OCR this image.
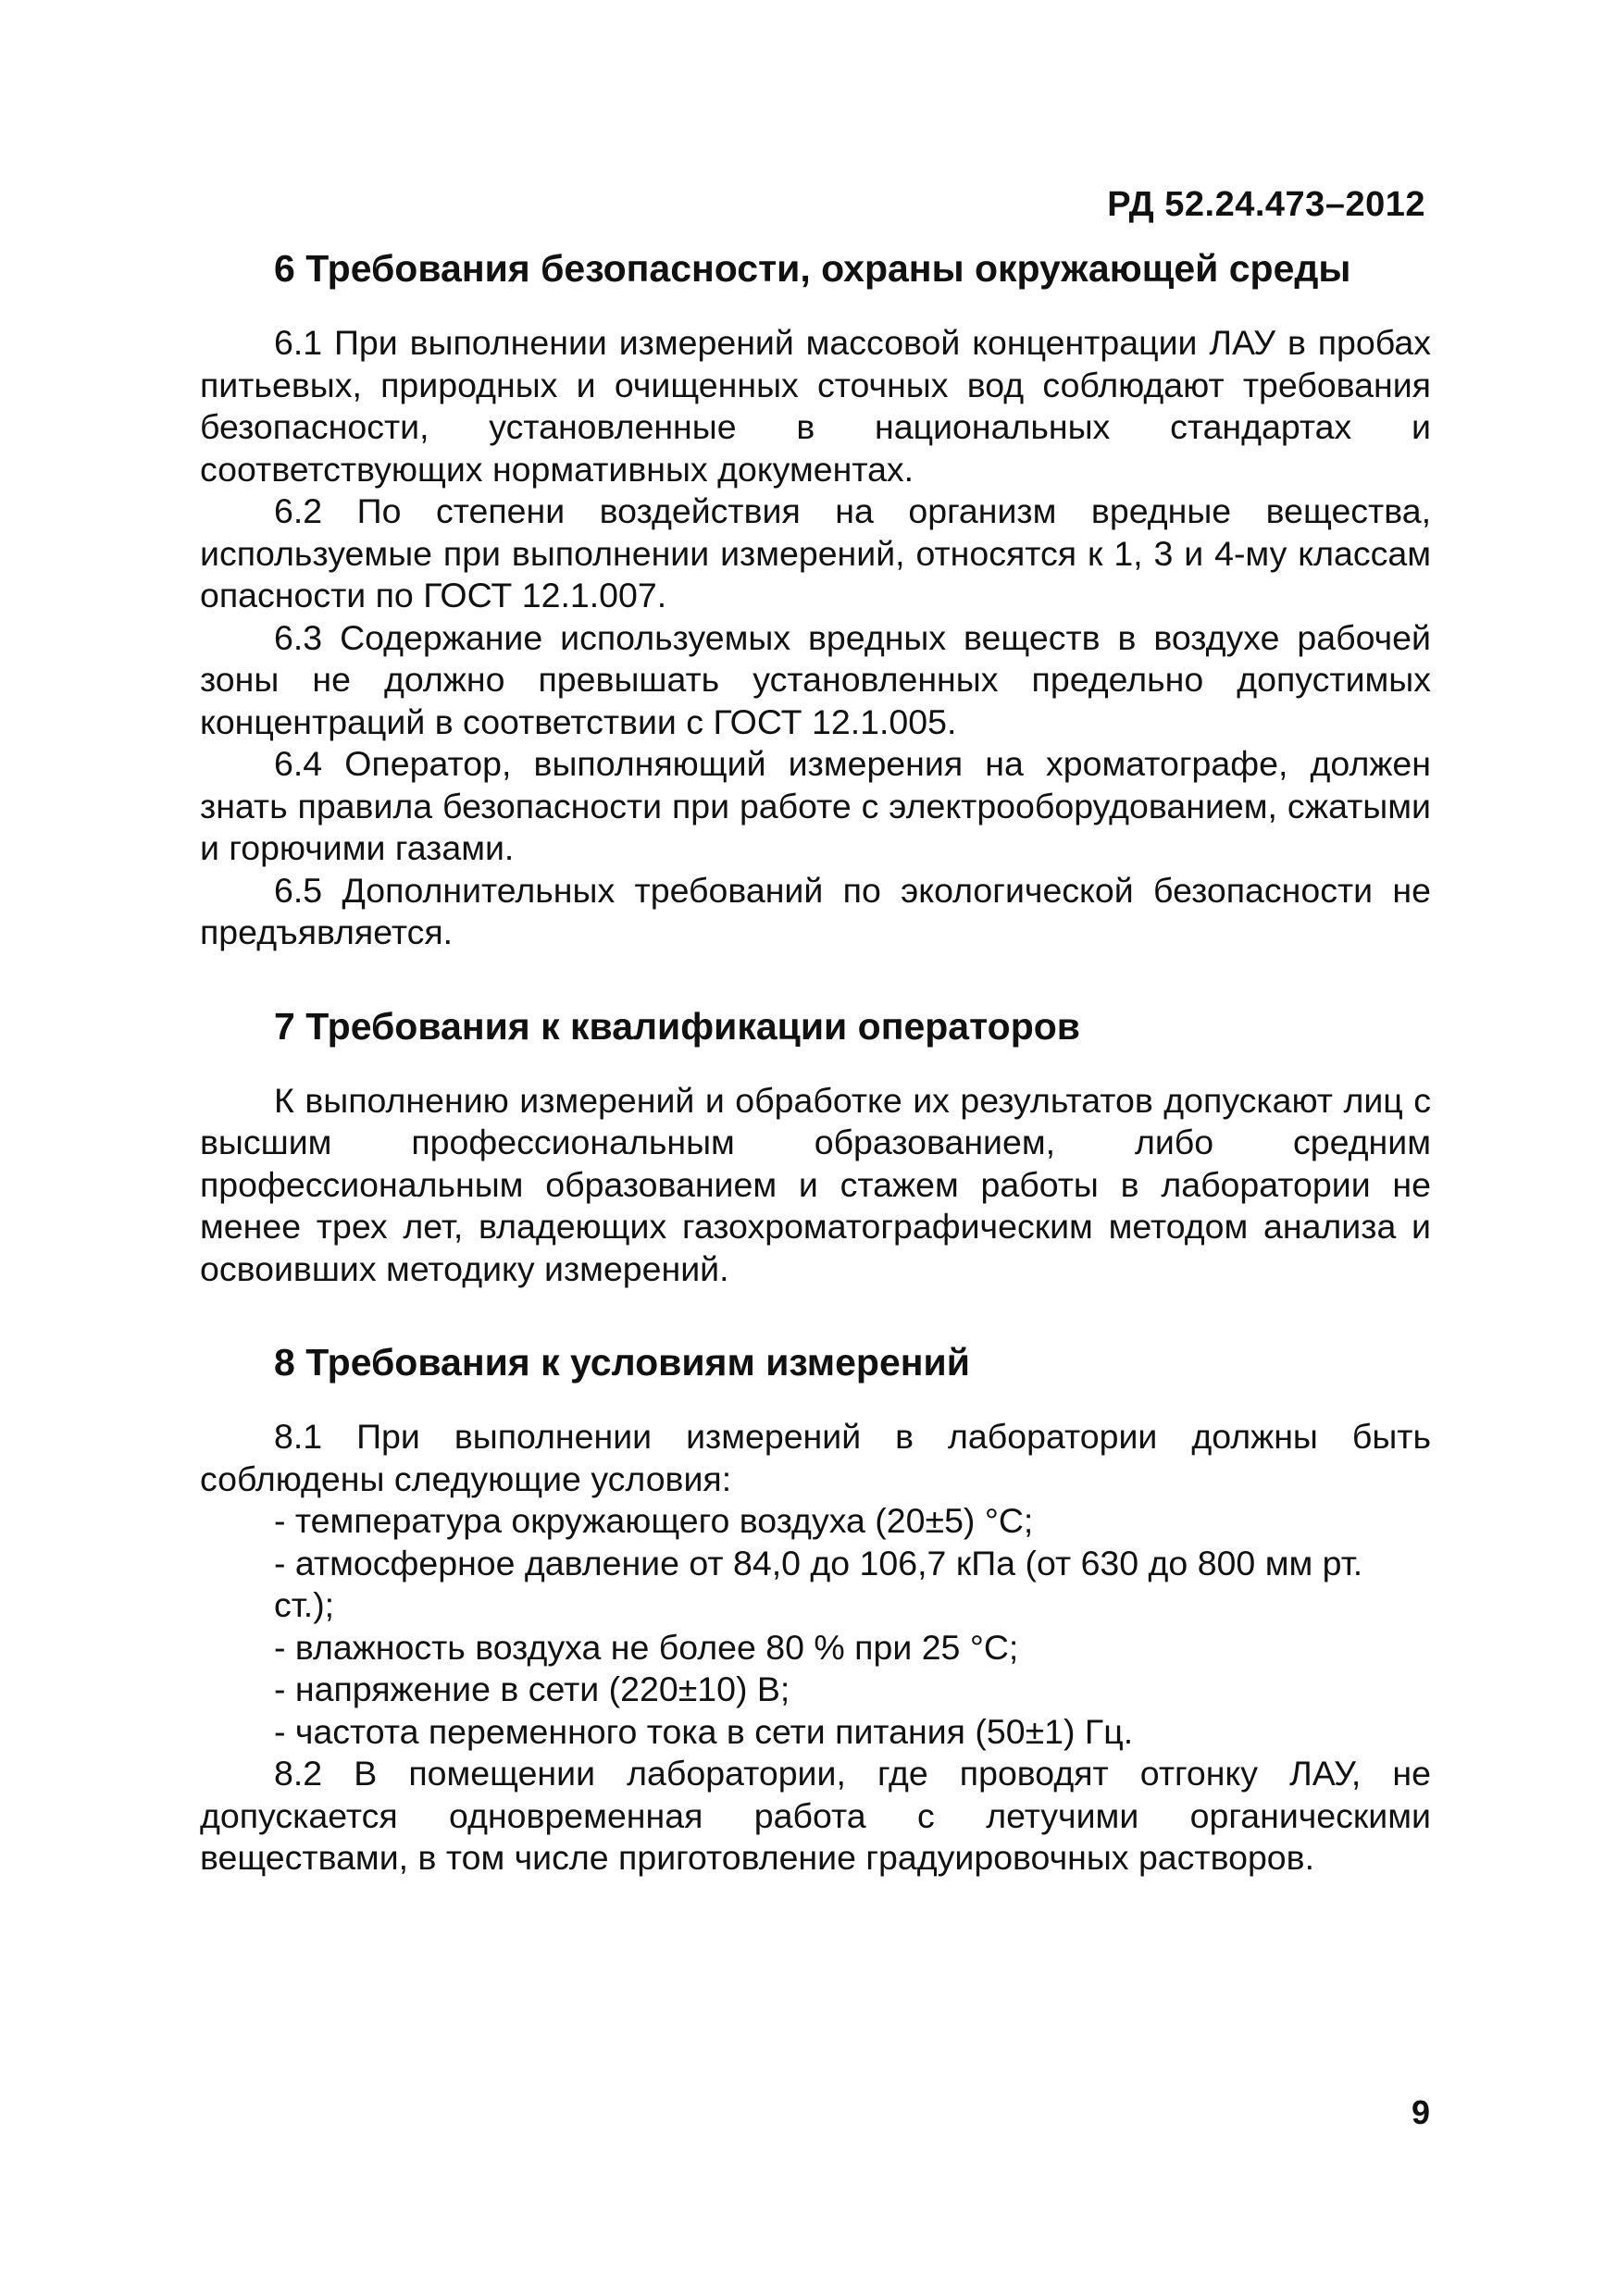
РД 52.24.473–2012
6 Требования безопасности, охраны окружающей среды

6.1 При выполнении измерений массовой концентрации ЛАУ в пробах питьевых, природных и очищенных сточных вод соблюдают требования безопасности, установленные в национальных стандартах и соответствующих нормативных документах.

6.2 По степени воздействия на организм вредные вещества, используемые при выполнении измерений, относятся к 1, 3 и 4-му классам опасности по ГОСТ 12.1.007.

6.3 Содержание используемых вредных веществ в воздухе рабочей зоны не должно превышать установленных предельно допустимых концентраций в соответствии с ГОСТ 12.1.005.

6.4 Оператор, выполняющий измерения на хроматографе, должен знать правила безопасности при работе с электрооборудованием, сжатыми и горючими газами.

6.5 Дополнительных требований по экологической безопасности не предъявляется.

7 Требования к квалификации операторов

К выполнению измерений и обработке их результатов допускают лиц с высшим профессиональным образованием, либо средним профессиональным образованием и стажем работы в лаборатории не менее трех лет, владеющих газохроматографическим методом анализа и освоивших методику измерений.

8 Требования к условиям измерений

8.1 При выполнении измерений в лаборатории должны быть соблюдены следующие условия:

- температура окружающего воздуха (20±5) °С;
- атмосферное давление от 84,0 до 106,7 кПа (от 630 до 800 мм рт. ст.);
- влажность воздуха не более 80 % при 25 °С;
- напряжение в сети (220±10) В;
- частота переменного тока в сети питания (50±1) Гц.

8.2 В помещении лаборатории, где проводят отгонку ЛАУ, не допускается одновременная работа с летучими органическими веществами, в том числе приготовление градуировочных растворов.

9
